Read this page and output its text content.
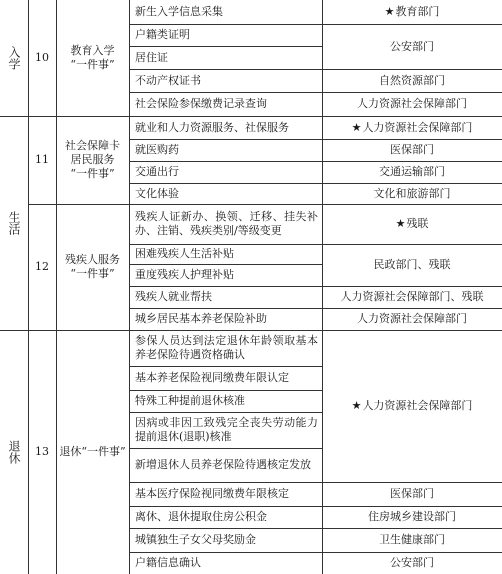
入学
生活
退休
10
11
12
13
教育入学
“一件事”
社会保障卡
居民服务
“一件事”
残疾人服务
“一件事”
退休“一件事”
新生入学信息采集
户籍类证明
居住证
不动产权证书
社会保险参保缴费记录查询
就业和人力资源服务、社保服务
就医购药
交通出行
文化体验
残疾人证新办、换领、迁移、挂失补办、注销、残疾类别/等级变更
困难残疾人生活补贴
重度残疾人护理补贴
残疾人就业帮扶
城乡居民基本养老保险补助
参保人员达到法定退休年龄领取基本养老保险待遇资格确认
基本养老保险视同缴费年限认定
特殊工种提前退休核准
因病或非因工致残完全丧失劳动能力提前退休(退职)核准
新增退休人员养老保险待遇核定发放
基本医疗保险视同缴费年限核定
离休、退休提取住房公积金
城镇独生子女父母奖励金
户籍信息确认
★ 教育部门
公安部门
自然资源部门
人力资源社会保障部门
★ 人力资源社会保障部门
医保部门
交通运输部门
文化和旅游部门
★ 残联
民政部门、残联
人力资源社会保障部门、残联
人力资源社会保障部门
★ 人力资源社会保障部门
医保部门
住房城乡建设部门
卫生健康部门
公安部门
